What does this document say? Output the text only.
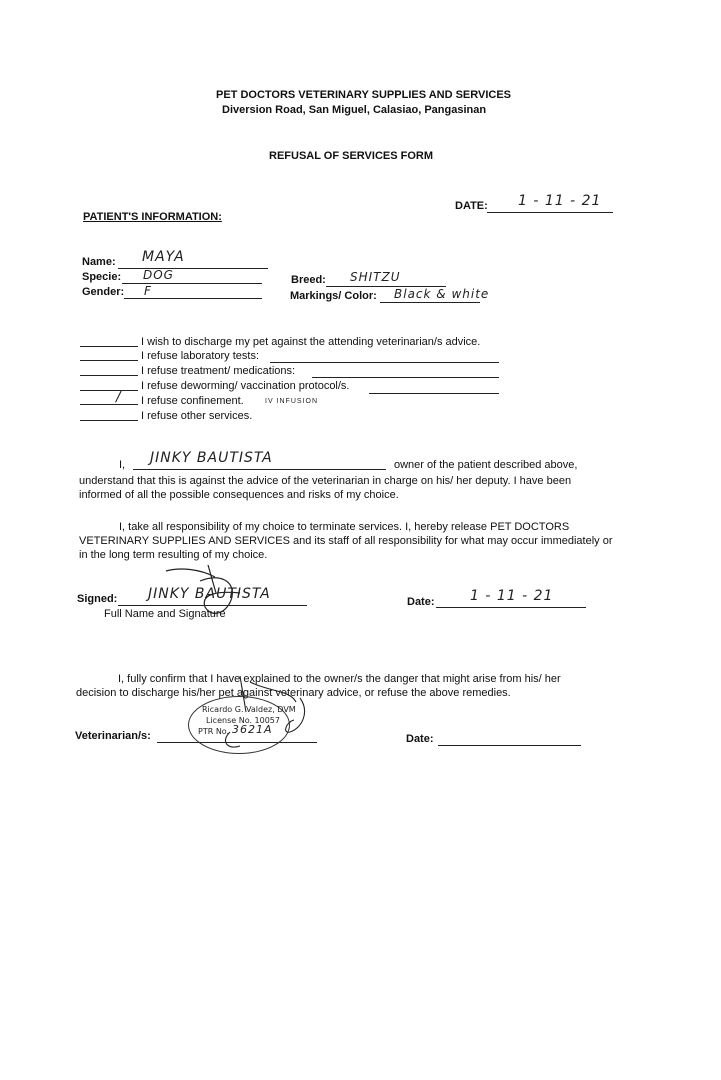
PET DOCTORS VETERINARY SUPPLIES AND SERVICES
Diversion Road, San Miguel, Calasiao, Pangasinan
REFUSAL OF SERVICES FORM
DATE: 1 - 11 - 21
PATIENT'S INFORMATION:
Name: MAYA
Specie: DOG
Gender: F
Breed: SHITZU
Markings/ Color: Black & white
I wish to discharge my pet against the attending veterinarian/s advice.
I refuse laboratory tests:
I refuse treatment/ medications:
I refuse deworming/ vaccination protocol/s.
/ I refuse confinement.	IV INFUSION
I refuse other services.
I, JINKY BAUTISTA	owner of the patient described above,
understand that this is against the advice of the veterinarian in charge on his/ her deputy. I have been
informed of all the possible consequences and risks of my choice.
I, take all responsibility of my choice to terminate services. I, hereby release PET DOCTORS
VETERINARY SUPPLIES AND SERVICES and its staff of all responsibility for what may occur immediately or
in the long term resulting of my choice.
Signed: JINKY BAUTISTA
Full Name and Signature
Date:	1 - 11 - 21
I, fully confirm that I have explained to the owner/s the danger that might arise from his/ her
decision to discharge his/her pet against veterinary advice, or refuse the above remedies.
Veterinarian/s:
Ricardo G. Valdez, DVM
License No. 10057
PTR No. 3621A
Date:
